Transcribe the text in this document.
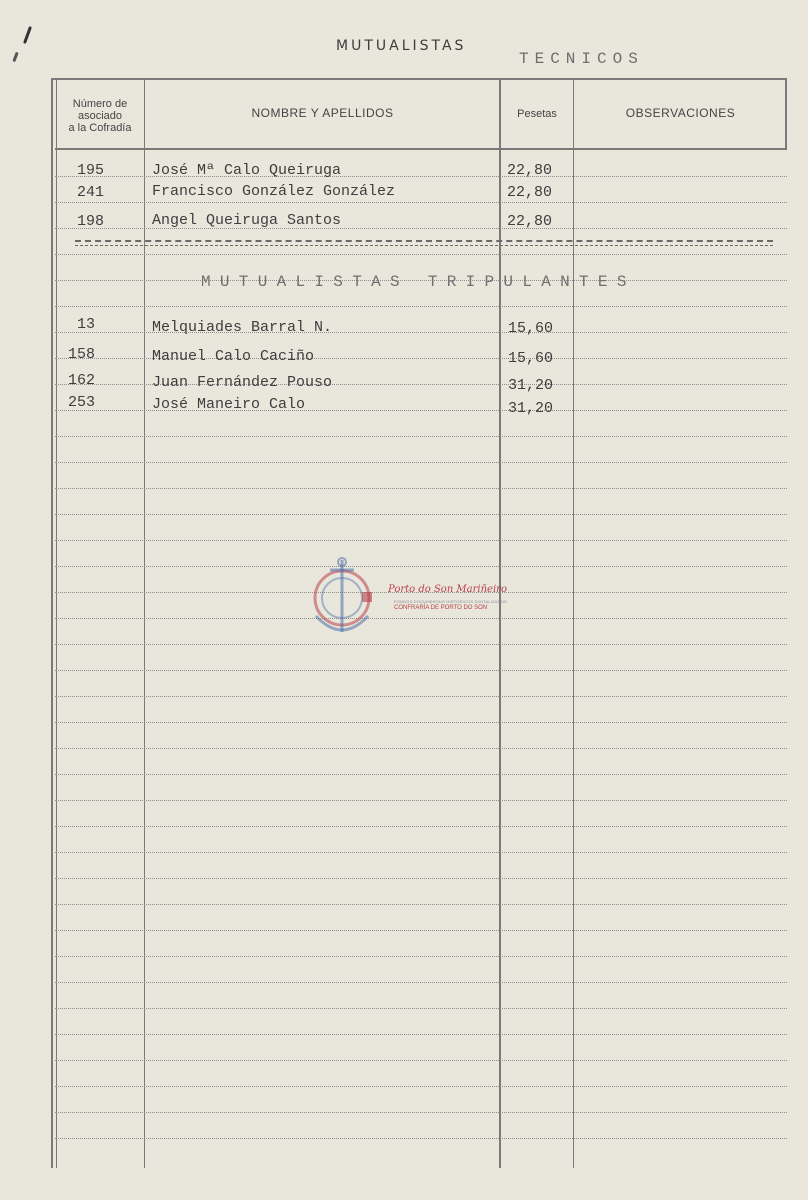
MUTUALISTAS
TECNICOS
Número de
asociado
a la Cofradía
NOMBRE Y APELLIDOS	Pesetas	OBSERVACIONES
195	José Mª Calo Queiruga	22,80
241	Francisco González González	22,80
198	Angel Queiruga Santos	22,80
MUTUALISTAS TRIPULANTES
13	Melquiades Barral N.	15,60
158	Manuel Calo Caciño	15,60
162	Juan Fernández Pouso	31,20
253	José Maneiro Calo	31,20
Porto do Son Mariñeiro
FONDOS DOCUMENTAIS HISTÓRICOS DIXITALIZADOS
CONFRARÍA DE PORTO DO SON
